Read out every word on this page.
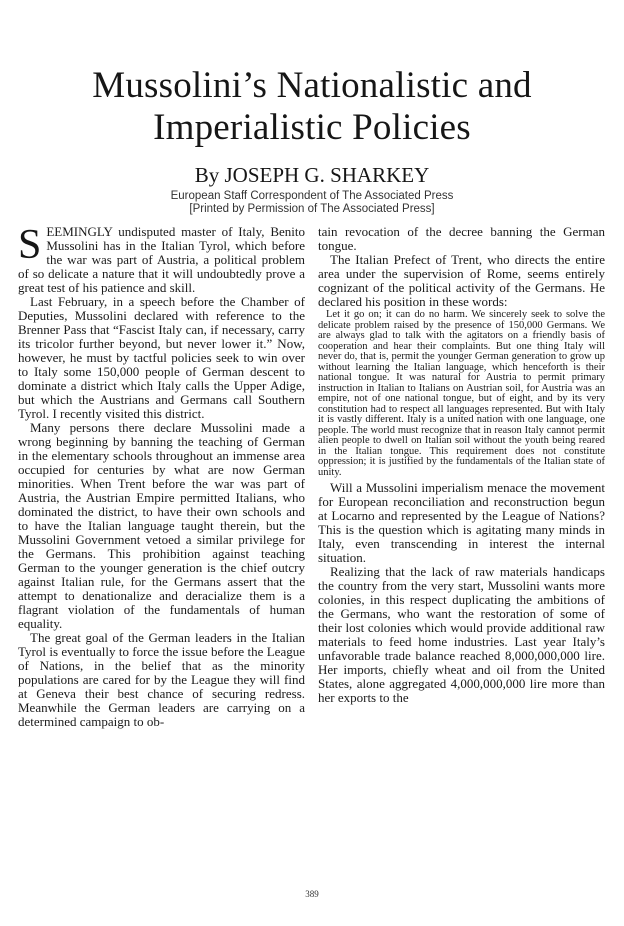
Mussolini’s Nationalistic and
Imperialistic Policies
By JOSEPH G. SHARKEY
European Staff Correspondent of The Associated Press
[Printed by Permission of The Associated Press]

SEEMINGLY undisputed master of Italy, Benito Mussolini has in the Italian Tyrol, which before the war was part of Austria, a political problem of so delicate a nature that it will undoubtedly prove a great test of his patience and skill.

Last February, in a speech before the Chamber of Deputies, Mussolini declared with reference to the Brenner Pass that “Fascist Italy can, if necessary, carry its tricolor further beyond, but never lower it.” Now, however, he must by tactful policies seek to win over to Italy some 150,000 people of German descent to dominate a district which Italy calls the Upper Adige, but which the Austrians and Germans call Southern Tyrol. I recently visited this district.

Many persons there declare Mussolini made a wrong beginning by banning the teaching of German in the elementary schools throughout an immense area occupied for centuries by what are now German minorities. When Trent before the war was part of Austria, the Austrian Empire permitted Italians, who dominated the district, to have their own schools and to have the Italian language taught therein, but the Mussolini Government vetoed a similar privilege for the Germans. This prohibition against teaching German to the younger generation is the chief outcry against Italian rule, for the Germans assert that the attempt to denationalize and deracialize them is a flagrant violation of the fundamentals of human equality.

The great goal of the German leaders in the Italian Tyrol is eventually to force the issue before the League of Nations, in the belief that as the minority populations are cared for by the League they will find at Geneva their best chance of securing redress. Meanwhile the German leaders are carrying on a determined campaign to ob-

tain revocation of the decree banning the German tongue.

The Italian Prefect of Trent, who directs the entire area under the supervision of Rome, seems entirely cognizant of the political activity of the Germans. He declared his position in these words:

Let it go on; it can do no harm. We sincerely seek to solve the delicate problem raised by the presence of 150,000 Germans. We are always glad to talk with the agitators on a friendly basis of cooperation and hear their complaints. But one thing Italy will never do, that is, permit the younger German generation to grow up without learning the Italian language, which henceforth is their national tongue. It was natural for Austria to permit primary instruction in Italian to Italians on Austrian soil, for Austria was an empire, not of one national tongue, but of eight, and by its very constitution had to respect all languages represented. But with Italy it is vastly different. Italy is a united nation with one language, one people. The world must recognize that in reason Italy cannot permit alien people to dwell on Italian soil without the youth being reared in the Italian tongue. This requirement does not constitute oppression; it is justified by the fundamentals of the Italian state of unity.

Will a Mussolini imperialism menace the movement for European reconciliation and reconstruction begun at Locarno and represented by the League of Nations? This is the question which is agitating many minds in Italy, even transcending in interest the internal situation.

Realizing that the lack of raw materials handicaps the country from the very start, Mussolini wants more colonies, in this respect duplicating the ambitions of the Germans, who want the restoration of some of their lost colonies which would provide additional raw materials to feed home industries. Last year Italy’s unfavorable trade balance reached 8,000,000,000 lire. Her imports, chiefly wheat and oil from the United States, alone aggregated 4,000,000,000 lire more than her exports to the

389
